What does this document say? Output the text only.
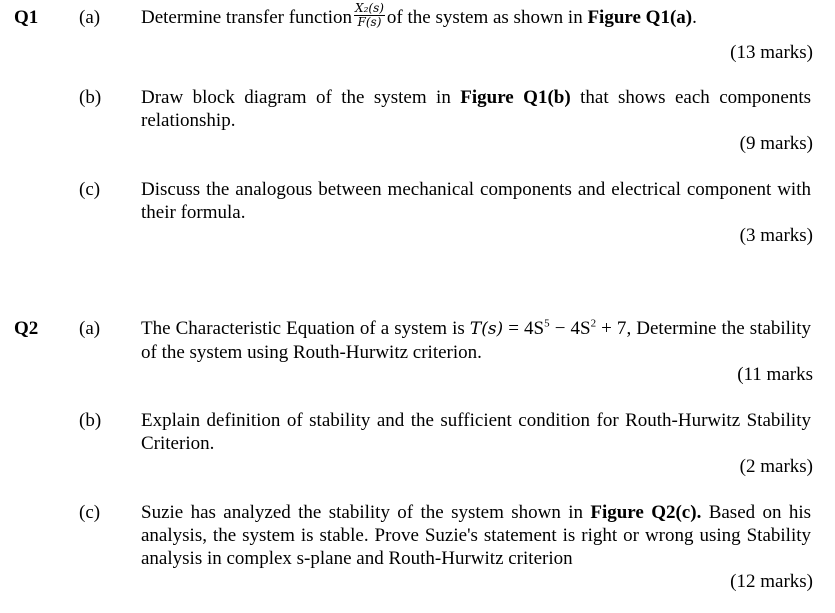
Q1 (a) Determine transfer function $\frac{\text{X₂(s)}}{F(s)}$ of the system as shown in Figure Q1(a).
(13 marks)
(b) Draw block diagram of the system in Figure Q1(b) that shows each components relationship.
(9 marks)
(c) Discuss the analogous between mechanical components and electrical component with their formula.
(3 marks)
Q2 (a) The Characteristic Equation of a system is $T(s) = 4S^5 - 4S^2 + 7$, Determine the stability of the system using Routh-Hurwitz criterion.
(11 marks
(b) Explain definition of stability and the sufficient condition for Routh-Hurwitz Stability Criterion.
(2 marks)
(c) Suzie has analyzed the stability of the system shown in Figure Q2(c). Based on his analysis, the system is stable. Prove Suzie's statement is right or wrong using Stability analysis in complex s-plane and Routh-Hurwitz criterion
(12 marks)
